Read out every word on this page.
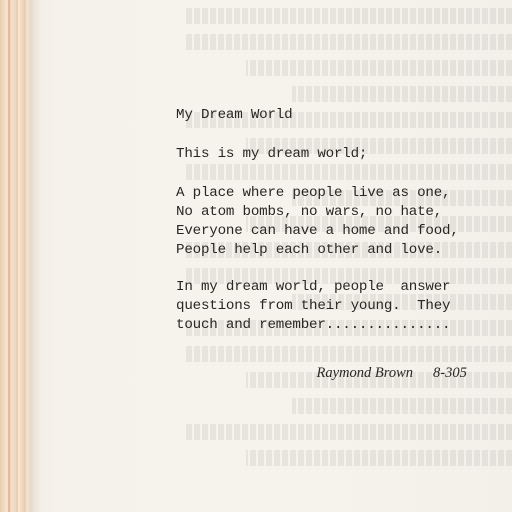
My Dream World
This is my dream world;
A place where people live as one,
No atom bombs, no wars, no hate,
Everyone can have a home and food,
People help each other and love.
In my dream world, people  answer
questions from their young.  They
touch and remember...............

Raymond Brown 8-305
